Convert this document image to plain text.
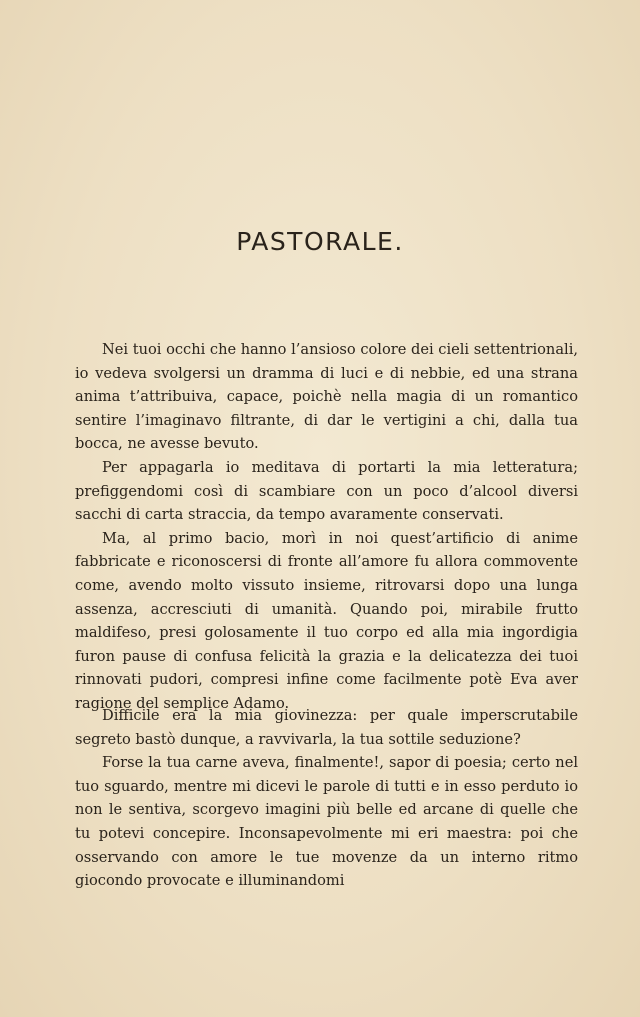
PASTORALE.

Nei tuoi occhi che hanno l’ansioso colore dei cieli settentrionali, io vedeva svolgersi un dramma di luci e di nebbie, ed una strana anima t’attribuiva, capace, poichè nella magia di un romantico sentire l’imaginavo filtrante, di dar le vertigini a chi, dalla tua bocca, ne avesse bevuto.

Per appagarla io meditava di portarti la mia letteratura; prefiggendomi così di scambiare con un poco d’alcool diversi sacchi di carta straccia, da tempo avaramente conservati.

Ma, al primo bacio, morì in noi quest’artificio di anime fabbricate e riconoscersi di fronte all’amore fu allora commovente come, avendo molto vissuto insieme, ritrovarsi dopo una lunga assenza, accresciuti di umanità. Quando poi, mirabile frutto maldifeso, presi golosamente il tuo corpo ed alla mia ingordigia furon pause di confusa felicità la grazia e la delicatezza dei tuoi rinnovati pudori, compresi infine come facilmente potè Eva aver ragione del semplice Adamo.

Difficile era la mia giovinezza: per quale imperscrutabile segreto bastò dunque, a ravvivarla, la tua sottile seduzione?

Forse la tua carne aveva, finalmente!, sapor di poesia; certo nel tuo sguardo, mentre mi dicevi le parole di tutti e in esso perduto io non le sentiva, scorgevo imagini più belle ed arcane di quelle che tu potevi concepire. Inconsapevolmente mi eri maestra: poi che osservando con amore le tue movenze da un interno ritmo giocondo provocate e illuminandomi
